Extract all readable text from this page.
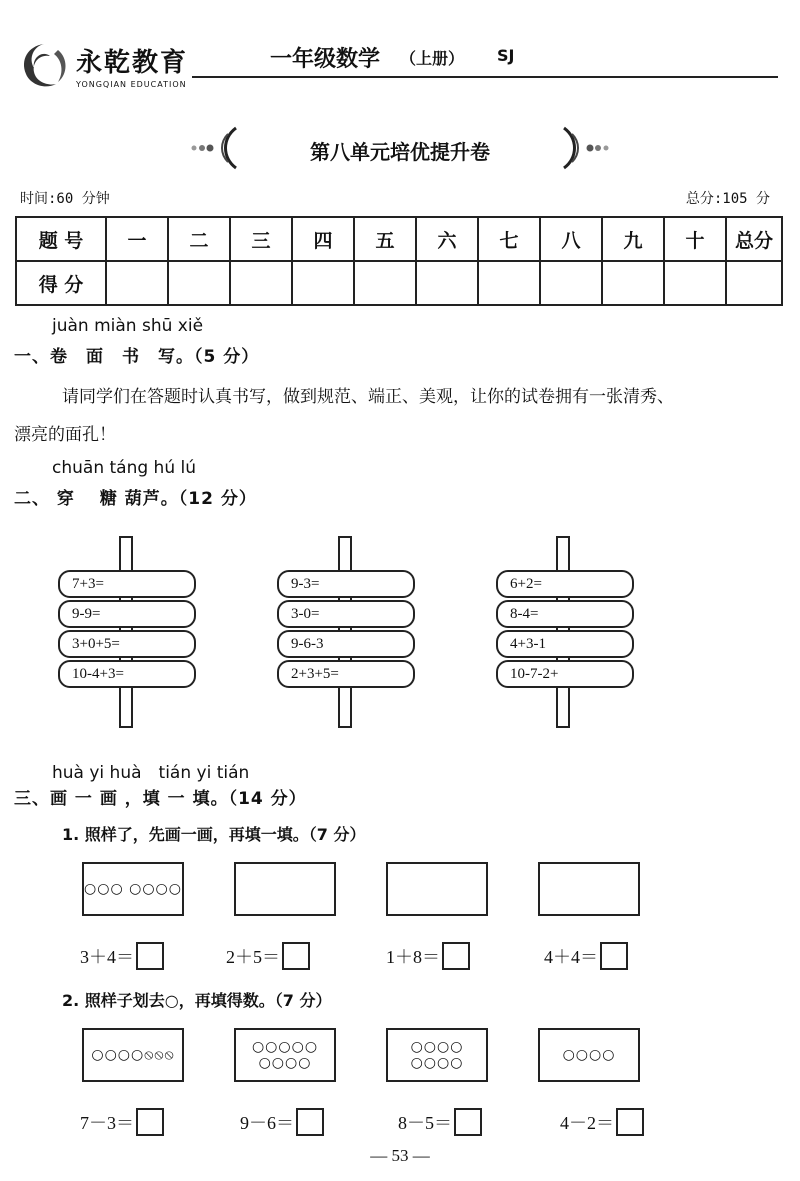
永乾教育
YONGQIAN EDUCATION
一年级数学 （上册） SJ
第八单元培优提升卷
时间:60 分钟	总分:105 分
题 号	一	二	三	四	五	六	七	八	九	十	总分
得 分											
juàn miàn shū xiě
一、卷　面　书　写。（5 分）
请同学们在答题时认真书写，做到规范、端正、美观，让你的试卷拥有一张清秀、
漂亮的面孔！
chuān táng hú lú
二、 穿　 糖 葫芦。（12 分）
7+3=
9-9=
3+0+5=
10-4+3=
9-3=
3-0=
9-6-3
2+3+5=
6+2=
8-4=
4+3-1
10-7-2+
huà yi huà　tián yi tián
三、画 一 画 ，填 一 填。（14 分）
1. 照样了，先画一画，再填一填。（7 分）
○○○ ○○○○
3＋4＝	2＋5＝	1＋8＝	4＋4＝
2. 照样子划去○，再填得数。（7 分）
○○○○⦸⦸⦸	○○○○○
○○○○
○○○○
○○○○	○○○○
7－3＝	9－6＝	8－5＝	4－2＝
— 53 —
